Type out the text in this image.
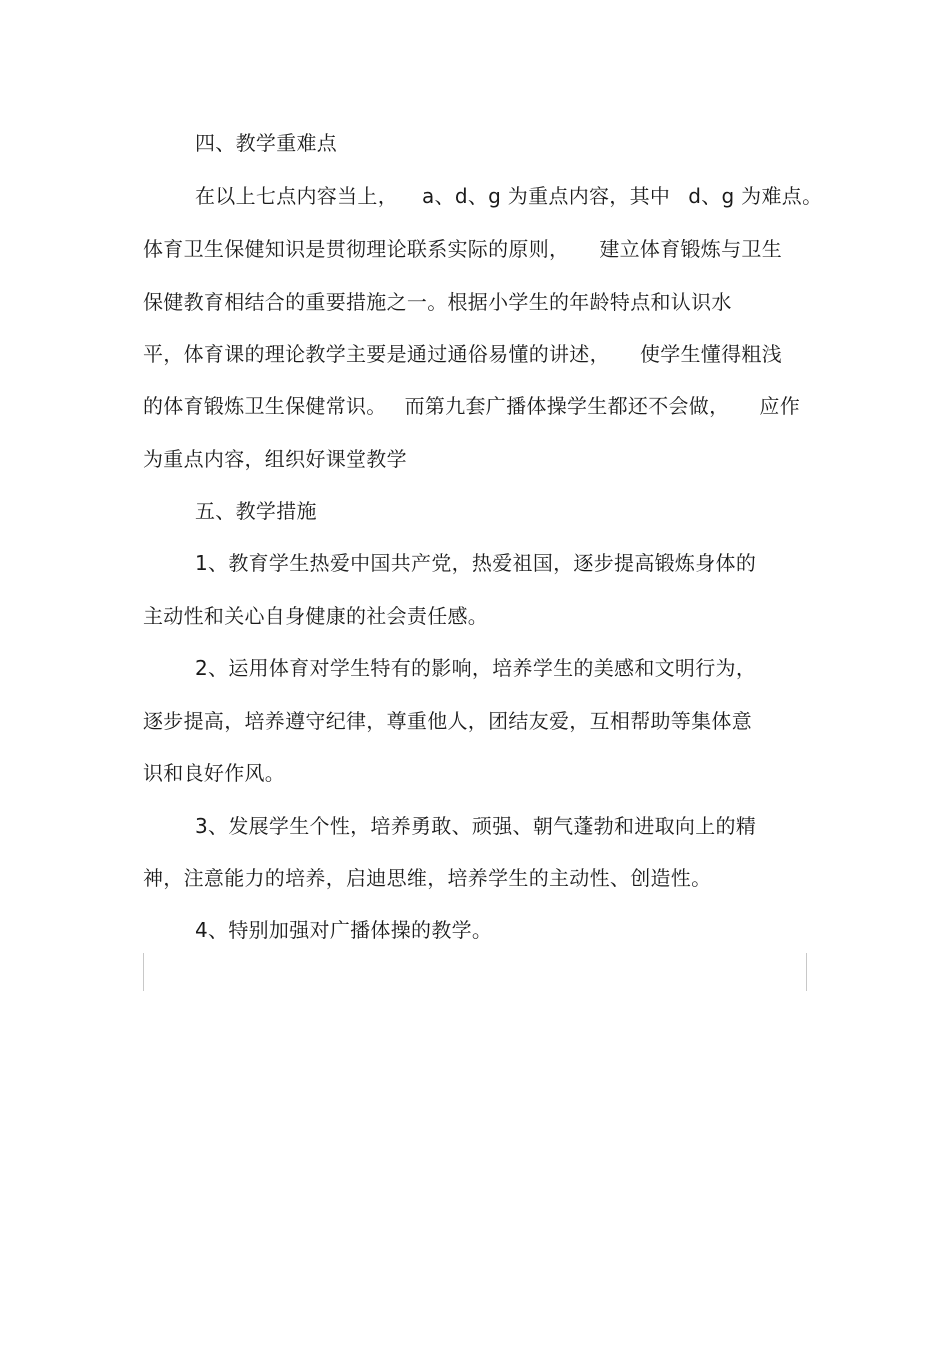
四、教学重难点
在以上七点内容当上， a、d、g 为重点内容，其中 d、g 为难点。
体育卫生保健知识是贯彻理论联系实际的原则， 建立体育锻炼与卫生
保健教育相结合的重要措施之一。根据小学生的年龄特点和认识水
平，体育课的理论教学主要是通过通俗易懂的讲述， 使学生懂得粗浅
的体育锻炼卫生保健常识。 而第九套广播体操学生都还不会做， 应作
为重点内容，组织好课堂教学
五、教学措施
1、教育学生热爱中国共产党，热爱祖国，逐步提高锻炼身体的
主动性和关心自身健康的社会责任感。
2、运用体育对学生特有的影响，培养学生的美感和文明行为，
逐步提高，培养遵守纪律，尊重他人，团结友爱，互相帮助等集体意
识和良好作风。
3、发展学生个性，培养勇敢、顽强、朝气蓬勃和进取向上的精
神，注意能力的培养，启迪思维，培养学生的主动性、创造性。
4、特别加强对广播体操的教学。
